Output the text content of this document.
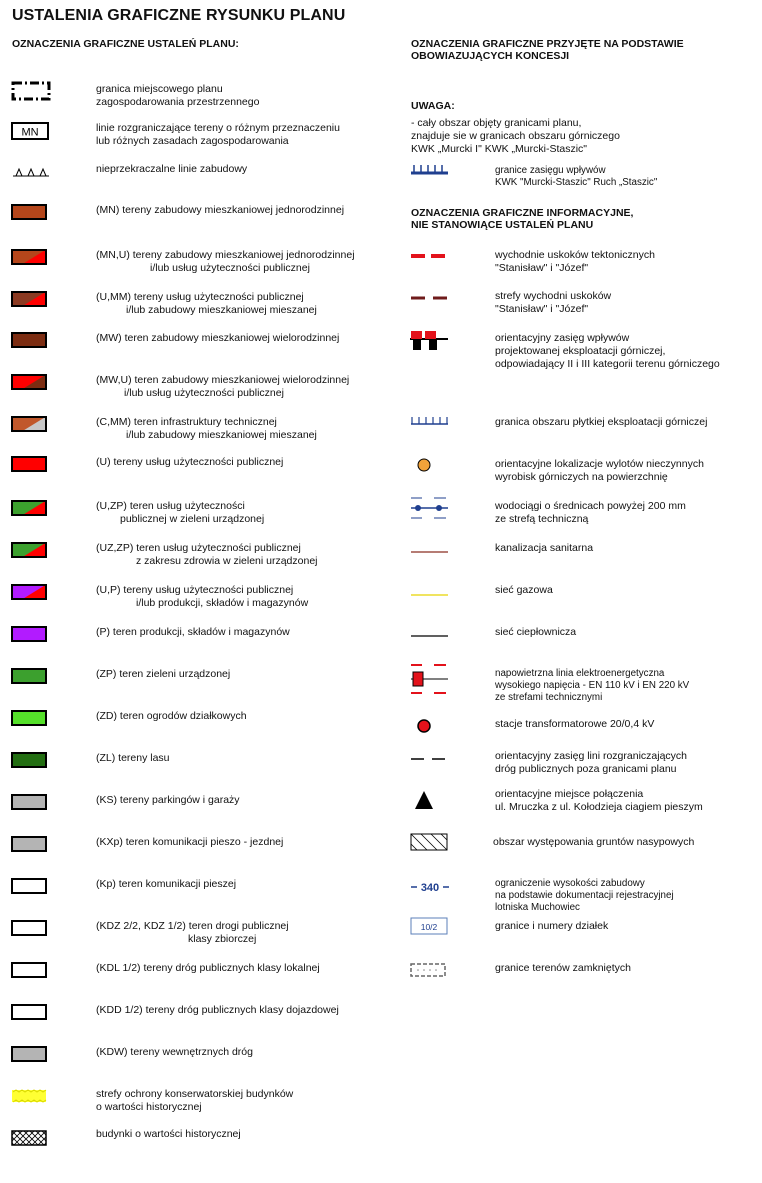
USTALENIA GRAFICZNE RYSUNKU PLANU
OZNACZENIA GRAFICZNE USTALEŃ PLANU:	OZNACZENIA GRAFICZNE PRZYJĘTE NA PODSTAWIE
OBOWIAZUJĄCYCH KONCESJI
UWAGA:
- cały obszar objęty granicami planu,
znajduje sie w granicach obszaru górniczego
KWK „Murcki I" KWK „Murcki-Staszic"
OZNACZENIA GRAFICZNE INFORMACYJNE,
NIE STANOWIĄCE USTALEŃ PLANU
granica miejscowego planu
zagospodarowania przestrzennego
MN	linie rozgraniczające tereny o różnym przeznaczeniu
lub różnych zasadach zagospodarowania
nieprzekraczalne linie zabudowy
(MN) tereny zabudowy mieszkaniowej jednorodzinnej
(MN,U) tereny zabudowy mieszkaniowej jednorodzinnej
i/lub usług użyteczności publicznej
(U,MM) tereny usług użyteczności publicznej
i/lub zabudowy mieszkaniowej mieszanej
(MW) teren zabudowy mieszkaniowej wielorodzinnej
(MW,U) teren zabudowy mieszkaniowej wielorodzinnej
i/lub usług użyteczności publicznej
(C,MM) teren infrastruktury technicznej
i/lub zabudowy mieszkaniowej mieszanej
(U) tereny usług użyteczności publicznej
(U,ZP) teren usług użyteczności
publicznej w zieleni urządzonej
(UZ,ZP) teren usług użyteczności publicznej
z zakresu zdrowia w zieleni urządzonej
(U,P) tereny usług użyteczności publicznej
i/lub produkcji, składów i magazynów
(P) teren produkcji, składów i magazynów
(ZP) teren zieleni urządzonej
(ZD) teren ogrodów działkowych
(ZL) tereny lasu
(KS) tereny parkingów i garaży
(KXp) teren komunikacji pieszo - jezdnej
(Kp) teren komunikacji pieszej
(KDZ 2/2, KDZ 1/2) teren drogi publicznej
klasy zbiorczej
(KDL 1/2) tereny dróg publicznych klasy lokalnej
(KDD 1/2) tereny dróg publicznych klasy dojazdowej
(KDW) tereny wewnętrznych dróg
strefy ochrony konserwatorskiej budynków
o wartości historycznej
budynki o wartości historycznej
granice zasięgu wpływów
KWK "Murcki-Staszic" Ruch „Staszic"
wychodnie uskoków tektonicznych
"Stanisław" i "Józef"
strefy wychodni uskoków
"Stanisław" i "Józef"
orientacyjny zasięg wpływów
projektowanej eksploatacji górniczej,
odpowiadający II i III kategorii terenu górniczego
granica obszaru płytkiej eksploatacji górniczej
orientacyjne lokalizacje wylotów nieczynnych
wyrobisk górniczych na powierzchnię
wodociągi o średnicach powyżej 200 mm
ze strefą techniczną
kanalizacja sanitarna
sieć gazowa
sieć ciepłownicza
napowietrzna linia elektroenergetyczna
wysokiego napięcia - EN 110 kV i EN 220 kV
ze strefami technicznymi
stacje transformatorowe 20/0,4 kV
orientacyjny zasięg lini rozgraniczających
dróg publicznych poza granicami planu
orientacyjne miejsce połączenia
ul. Mruczka z ul. Kołodzieja ciagiem pieszym
obszar występowania gruntów nasypowych
340	ograniczenie wysokości zabudowy
na podstawie dokumentacji rejestracyjnej
lotniska Muchowiec
10/2	granice i numery działek
granice terenów zamkniętych
